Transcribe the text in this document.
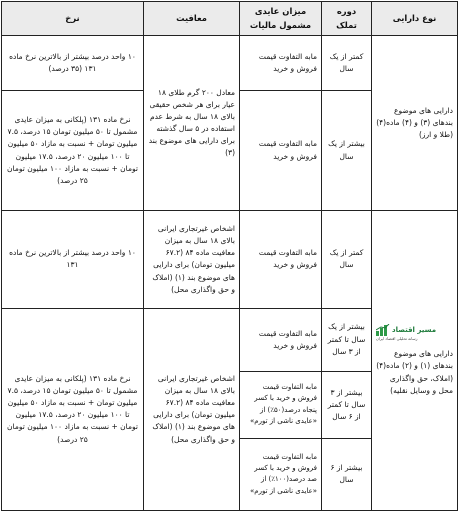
نوع دارایی	دوره تملک	میزان عایدی مشمول مالیات	معافیت	نرخ
دارایی های موضوع بندهای (۳) و (۴) ماده(۴) (طلا و ارز)	کمتر از یک سال	مابه التفاوت قیمت فروش و خرید	معادل ۲۰۰ گرم طلای ۱۸ عیار برای هر شخص حقیقی بالای ۱۸ سال به شرط عدم استفاده در ۵ سال گذشته برای دارایی های موضوع بند (۳)	۱۰ واحد درصد بیشتر از بالاترین نرخ ماده ۱۳۱ (۳۵ درصد)
	بیشتر از یک سال	مابه التفاوت قیمت فروش و خرید		نرخ ماده ۱۳۱ (پلکانی به میزان عایدی مشمول تا ۵۰ میلیون تومان ۱۵ درصد، ۷.۵ میلیون تومان + نسبت به مازاد ۵۰ میلیون تا ۱۰۰ میلیون ۲۰ درصد، ۱۷.۵ میلیون تومان + نسبت به مازاد ۱۰۰ میلیون تومان ۲۵ درصد)

مسیر اقتصاد
رسانه تحلیلی اقتصاد ایران
دارایی های موضوع بندهای (۱) و (۲) ماده(۴) (املاک، حق واگذاری محل و وسایل نقلیه)	کمتر از یک سال	مابه التفاوت قیمت فروش و خرید	اشخاص غیرتجاری ایرانی بالای ۱۸ سال به میزان معافیت ماده ۸۴ (۶۷.۲ میلیون تومان) برای دارایی های موضوع بند (۱) (املاک و حق واگذاری محل)	۱۰ واحد درصد بیشتر از بالاترین نرخ ماده ۱۳۱
	بیشتر از یک سال تا کمتر از ۳ سال	مابه التفاوت قیمت فروش و خرید	اشخاص غیرتجاری ایرانی بالای ۱۸ سال به میزان معافیت ماده ۸۴ (۶۷.۲ میلیون تومان) برای دارایی های موضوع بند (۱) (املاک و حق واگذاری محل)	نرخ ماده ۱۳۱ (پلکانی به میزان عایدی مشمول تا ۵۰ میلیون تومان ۱۵ درصد، ۷.۵ میلیون تومان + نسبت به مازاد ۵۰ میلیون تا ۱۰۰ میلیون ۲۰ درصد، ۱۷.۵ میلیون تومان + نسبت به مازاد ۱۰۰ میلیون تومان ۲۵ درصد)
	بیشتر از ۳ سال تا کمتر از ۶ سال	مابه التفاوت قیمت فروش و خرید با کسر پنجاه درصد(۵۰٪) از «عایدی ناشی از تورم»		
	بیشتر از ۶ سال	مابه التفاوت قیمت فروش و خرید با کسر صد درصد(۱۰۰٪) از «عایدی ناشی از تورم»		
